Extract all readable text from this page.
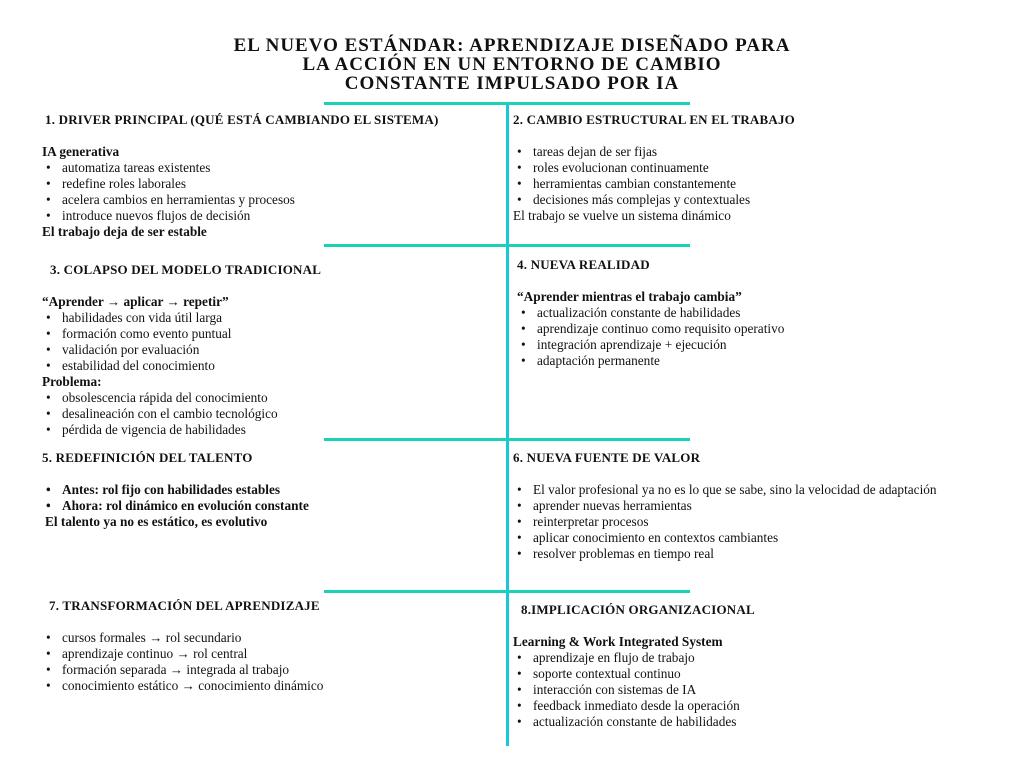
EL NUEVO ESTÁNDAR: APRENDIZAJE DISEÑADO PARA
LA ACCIÓN EN UN ENTORNO DE CAMBIO
CONSTANTE IMPULSADO POR IA
1. DRIVER PRINCIPAL (QUÉ ESTÁ CAMBIANDO EL SISTEMA)
IA generativa
• automatiza tareas existentes
• redefine roles laborales
• acelera cambios en herramientas y procesos
• introduce nuevos flujos de decisión
El trabajo deja de ser estable
2. CAMBIO ESTRUCTURAL EN EL TRABAJO
• tareas dejan de ser fijas
• roles evolucionan continuamente
• herramientas cambian constantemente
• decisiones más complejas y contextuales
El trabajo se vuelve un sistema dinámico
3. COLAPSO DEL MODELO TRADICIONAL
“Aprender → aplicar → repetir”
• habilidades con vida útil larga
• formación como evento puntual
• validación por evaluación
• estabilidad del conocimiento
Problema:
• obsolescencia rápida del conocimiento
• desalineación con el cambio tecnológico
• pérdida de vigencia de habilidades
4. NUEVA REALIDAD
“Aprender mientras el trabajo cambia”
• actualización constante de habilidades
• aprendizaje continuo como requisito operativo
• integración aprendizaje + ejecución
• adaptación permanente
5. REDEFINICIÓN DEL TALENTO
• Antes: rol fijo con habilidades estables
• Ahora: rol dinámico en evolución constante
El talento ya no es estático, es evolutivo
6. NUEVA FUENTE DE VALOR
• El valor profesional ya no es lo que se sabe, sino la velocidad de adaptación
• aprender nuevas herramientas
• reinterpretar procesos
• aplicar conocimiento en contextos cambiantes
• resolver problemas en tiempo real
7. TRANSFORMACIÓN DEL APRENDIZAJE
• cursos formales → rol secundario
• aprendizaje continuo → rol central
• formación separada → integrada al trabajo
• conocimiento estático → conocimiento dinámico
8.IMPLICACIÓN ORGANIZACIONAL
Learning & Work Integrated System
• aprendizaje en flujo de trabajo
• soporte contextual continuo
• interacción con sistemas de IA
• feedback inmediato desde la operación
• actualización constante de habilidades
